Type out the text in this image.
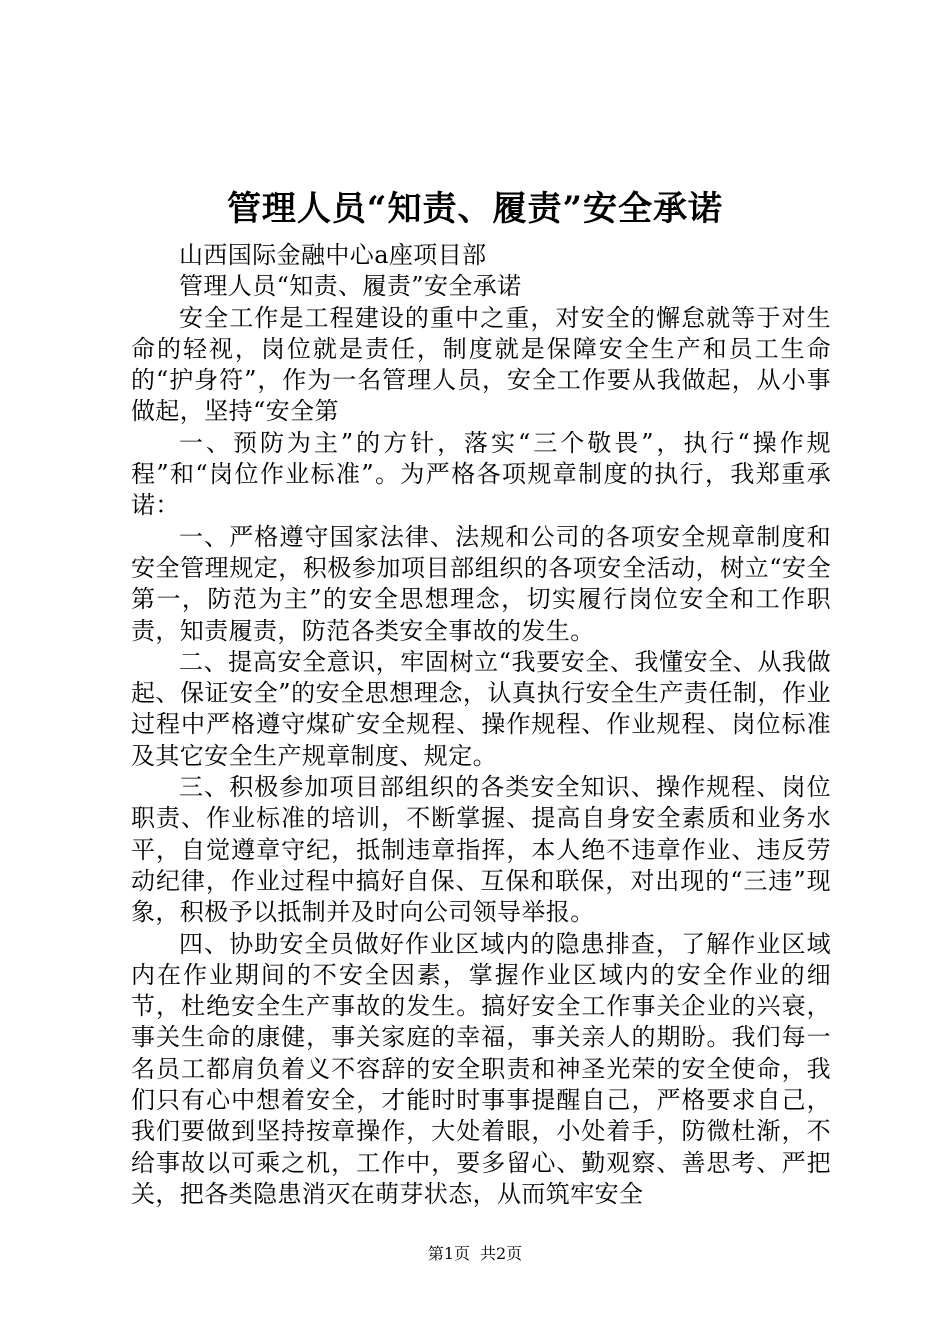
管理人员“知责、履责”安全承诺

山西国际金融中心a座项目部

管理人员“知责、履责”安全承诺

安全工作是工程建设的重中之重，对安全的懈怠就等于对生命的轻视，岗位就是责任，制度就是保障安全生产和员工生命的“护身符”，作为一名管理人员，安全工作要从我做起，从小事做起，坚持“安全第

一、预防为主”的方针，落实“三个敬畏”，执行“操作规程”和“岗位作业标准”。为严格各项规章制度的执行，我郑重承诺：

一、严格遵守国家法律、法规和公司的各项安全规章制度和安全管理规定，积极参加项目部组织的各项安全活动，树立“安全第一，防范为主”的安全思想理念，切实履行岗位安全和工作职责，知责履责，防范各类安全事故的发生。

二、提高安全意识，牢固树立“我要安全、我懂安全、从我做起、保证安全”的安全思想理念，认真执行安全生产责任制，作业过程中严格遵守煤矿安全规程、操作规程、作业规程、岗位标准及其它安全生产规章制度、规定。

三、积极参加项目部组织的各类安全知识、操作规程、岗位职责、作业标准的培训，不断掌握、提高自身安全素质和业务水平，自觉遵章守纪，抵制违章指挥，本人绝不违章作业、违反劳动纪律，作业过程中搞好自保、互保和联保，对出现的“三违”现象，积极予以抵制并及时向公司领导举报。

四、协助安全员做好作业区域内的隐患排查，了解作业区域内在作业期间的不安全因素，掌握作业区域内的安全作业的细节，杜绝安全生产事故的发生。搞好安全工作事关企业的兴衰，事关生命的康健，事关家庭的幸福，事关亲人的期盼。我们每一名员工都肩负着义不容辞的安全职责和神圣光荣的安全使命，我们只有心中想着安全，才能时时事事提醒自己，严格要求自己，我们要做到坚持按章操作，大处着眼，小处着手，防微杜渐，不给事故以可乘之机，工作中，要多留心、勤观察、善思考、严把关，把各类隐患消灭在萌芽状态，从而筑牢安全

第1页 共2页
